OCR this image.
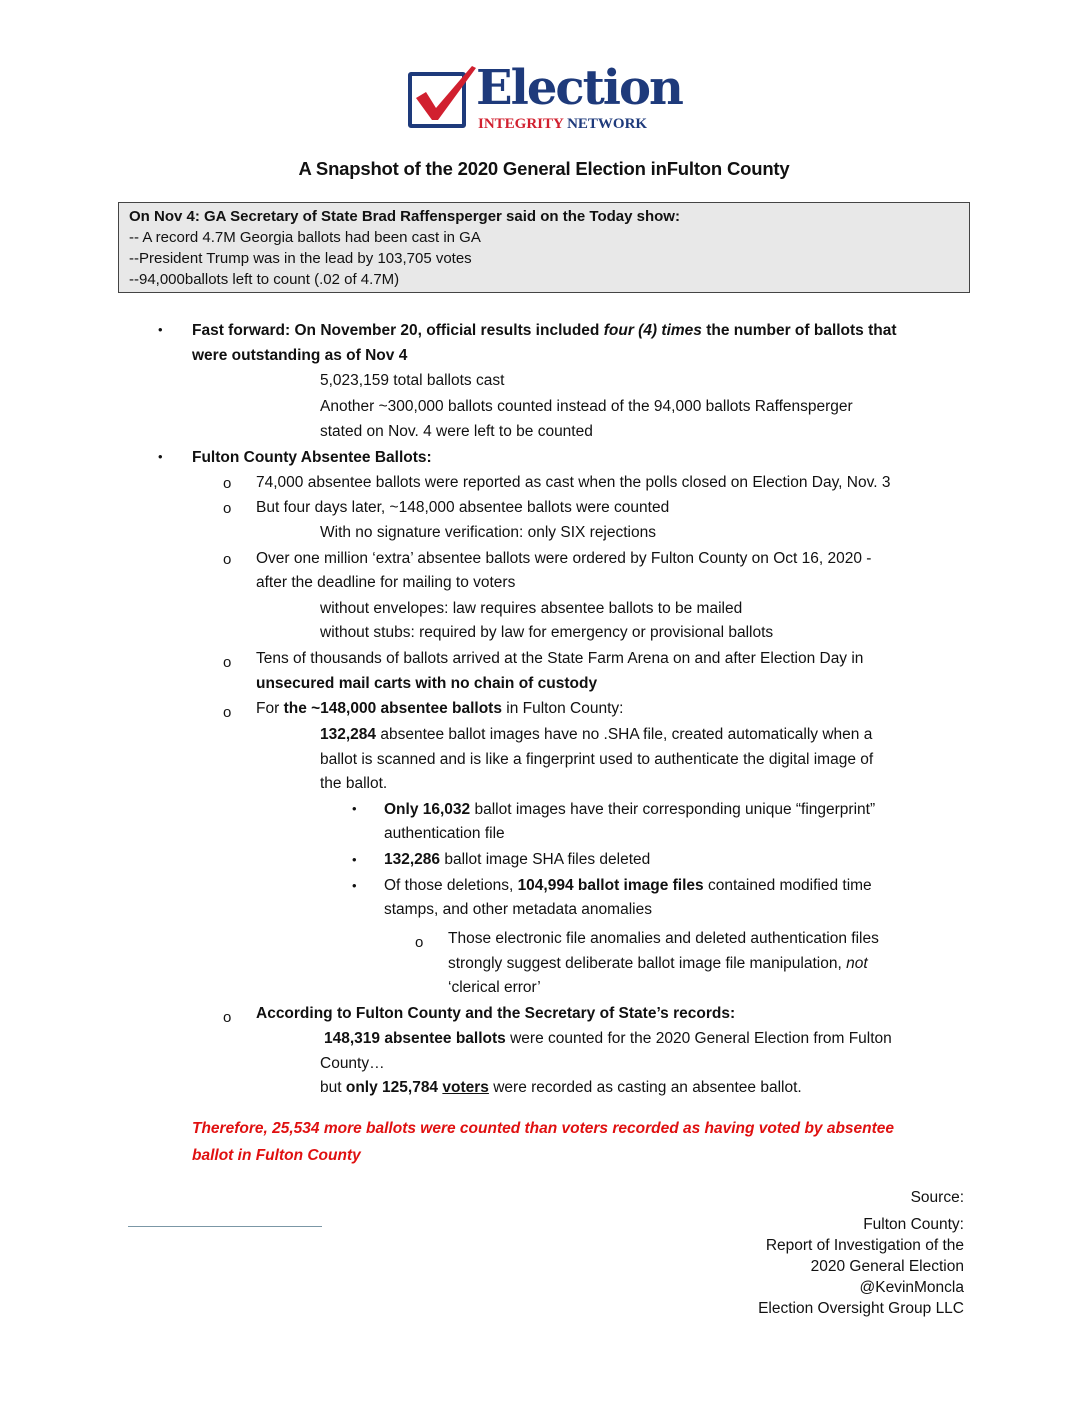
Election
INTEGRITY NETWORK
A Snapshot of the 2020 General Election inFulton County
On Nov 4: GA Secretary of State Brad Raffensperger said on the Today show:
-- A record 4.7M Georgia ballots had been cast in GA
--President Trump was in the lead by 103,705 votes
--94,000ballots left to count (.02 of 4.7M)
• Fast forward: On November 20, official results included four (4) times the number of ballots that
were outstanding as of Nov 4
5,023,159 total ballots cast
Another ~300,000 ballots counted instead of the 94,000 ballots Raffensperger
stated on Nov. 4 were left to be counted
• Fulton County Absentee Ballots:
o 74,000 absentee ballots were reported as cast when the polls closed on Election Day, Nov. 3
o But four days later, ~148,000 absentee ballots were counted
With no signature verification: only SIX rejections
o Over one million ‘extra’ absentee ballots were ordered by Fulton County on Oct 16, 2020 -
after the deadline for mailing to voters
without envelopes: law requires absentee ballots to be mailed
without stubs: required by law for emergency or provisional ballots
o Tens of thousands of ballots arrived at the State Farm Arena on and after Election Day in
unsecured mail carts with no chain of custody
o For the ~148,000 absentee ballots in Fulton County:
132,284 absentee ballot images have no .SHA file, created automatically when a
ballot is scanned and is like a fingerprint used to authenticate the digital image of
the ballot.
• Only 16,032 ballot images have their corresponding unique “fingerprint”
authentication file
• 132,286 ballot image SHA files deleted
• Of those deletions, 104,994 ballot image files contained modified time
stamps, and other metadata anomalies
o Those electronic file anomalies and deleted authentication files
strongly suggest deliberate ballot image file manipulation, not
‘clerical error’
o According to Fulton County and the Secretary of State’s records:
148,319 absentee ballots were counted for the 2020 General Election from Fulton
County…
but only 125,784 voters were recorded as casting an absentee ballot.
Therefore, 25,534 more ballots were counted than voters recorded as having voted by absentee
ballot in Fulton County
Source:
Fulton County:
Report of Investigation of the
2020 General Election
@KevinMoncla
Election Oversight Group LLC
